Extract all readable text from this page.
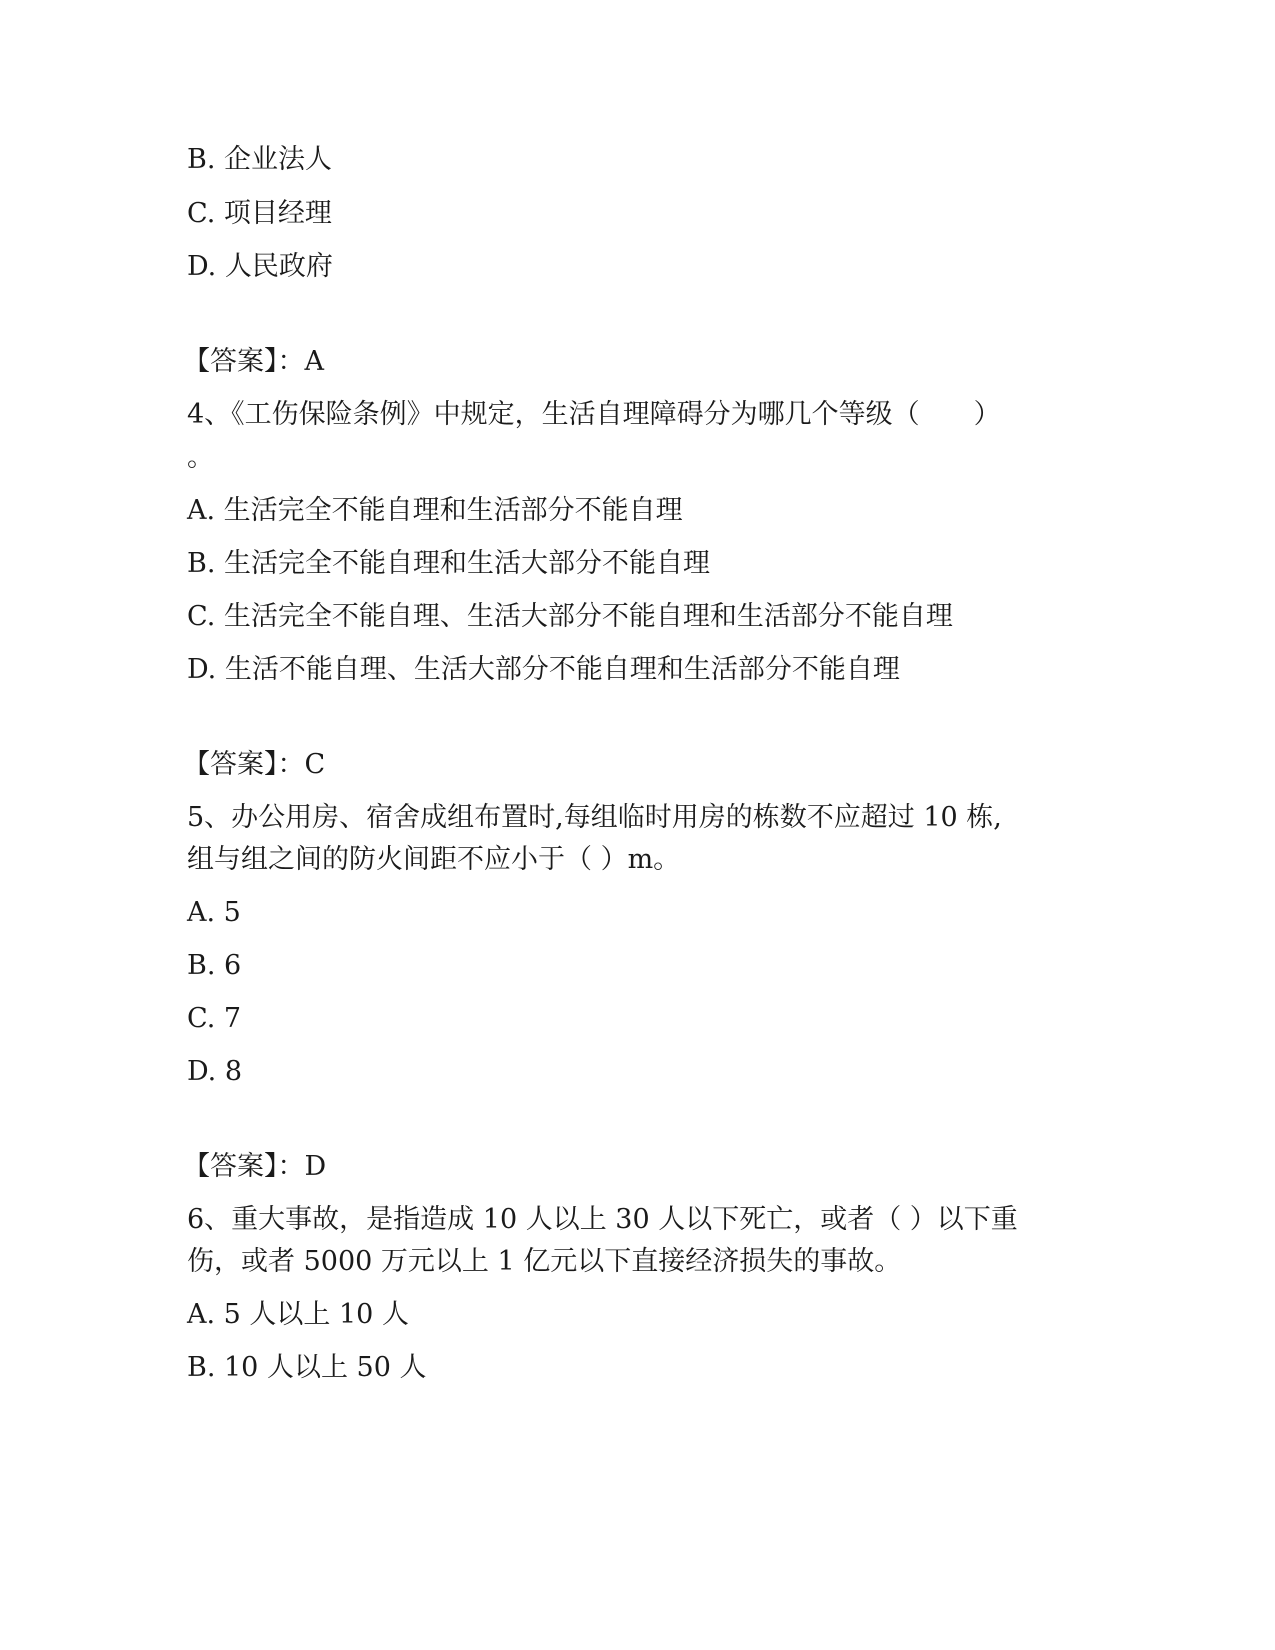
B. 企业法人
C. 项目经理
D. 人民政府
【答案】：A
4、《工伤保险条例》中规定，生活自理障碍分为哪几个等级（　　）
。
A. 生活完全不能自理和生活部分不能自理
B. 生活完全不能自理和生活大部分不能自理
C. 生活完全不能自理、生活大部分不能自理和生活部分不能自理
D. 生活不能自理、生活大部分不能自理和生活部分不能自理
【答案】：C
5、办公用房、宿舍成组布置时,每组临时用房的栋数不应超过 10 栋,
组与组之间的防火间距不应小于（ ）m。
A. 5
B. 6
C. 7
D. 8
【答案】：D
6、重大事故，是指造成 10 人以上 30 人以下死亡，或者（ ）以下重
伤，或者 5000 万元以上 1 亿元以下直接经济损失的事故。
A. 5 人以上 10 人
B. 10 人以上 50 人
